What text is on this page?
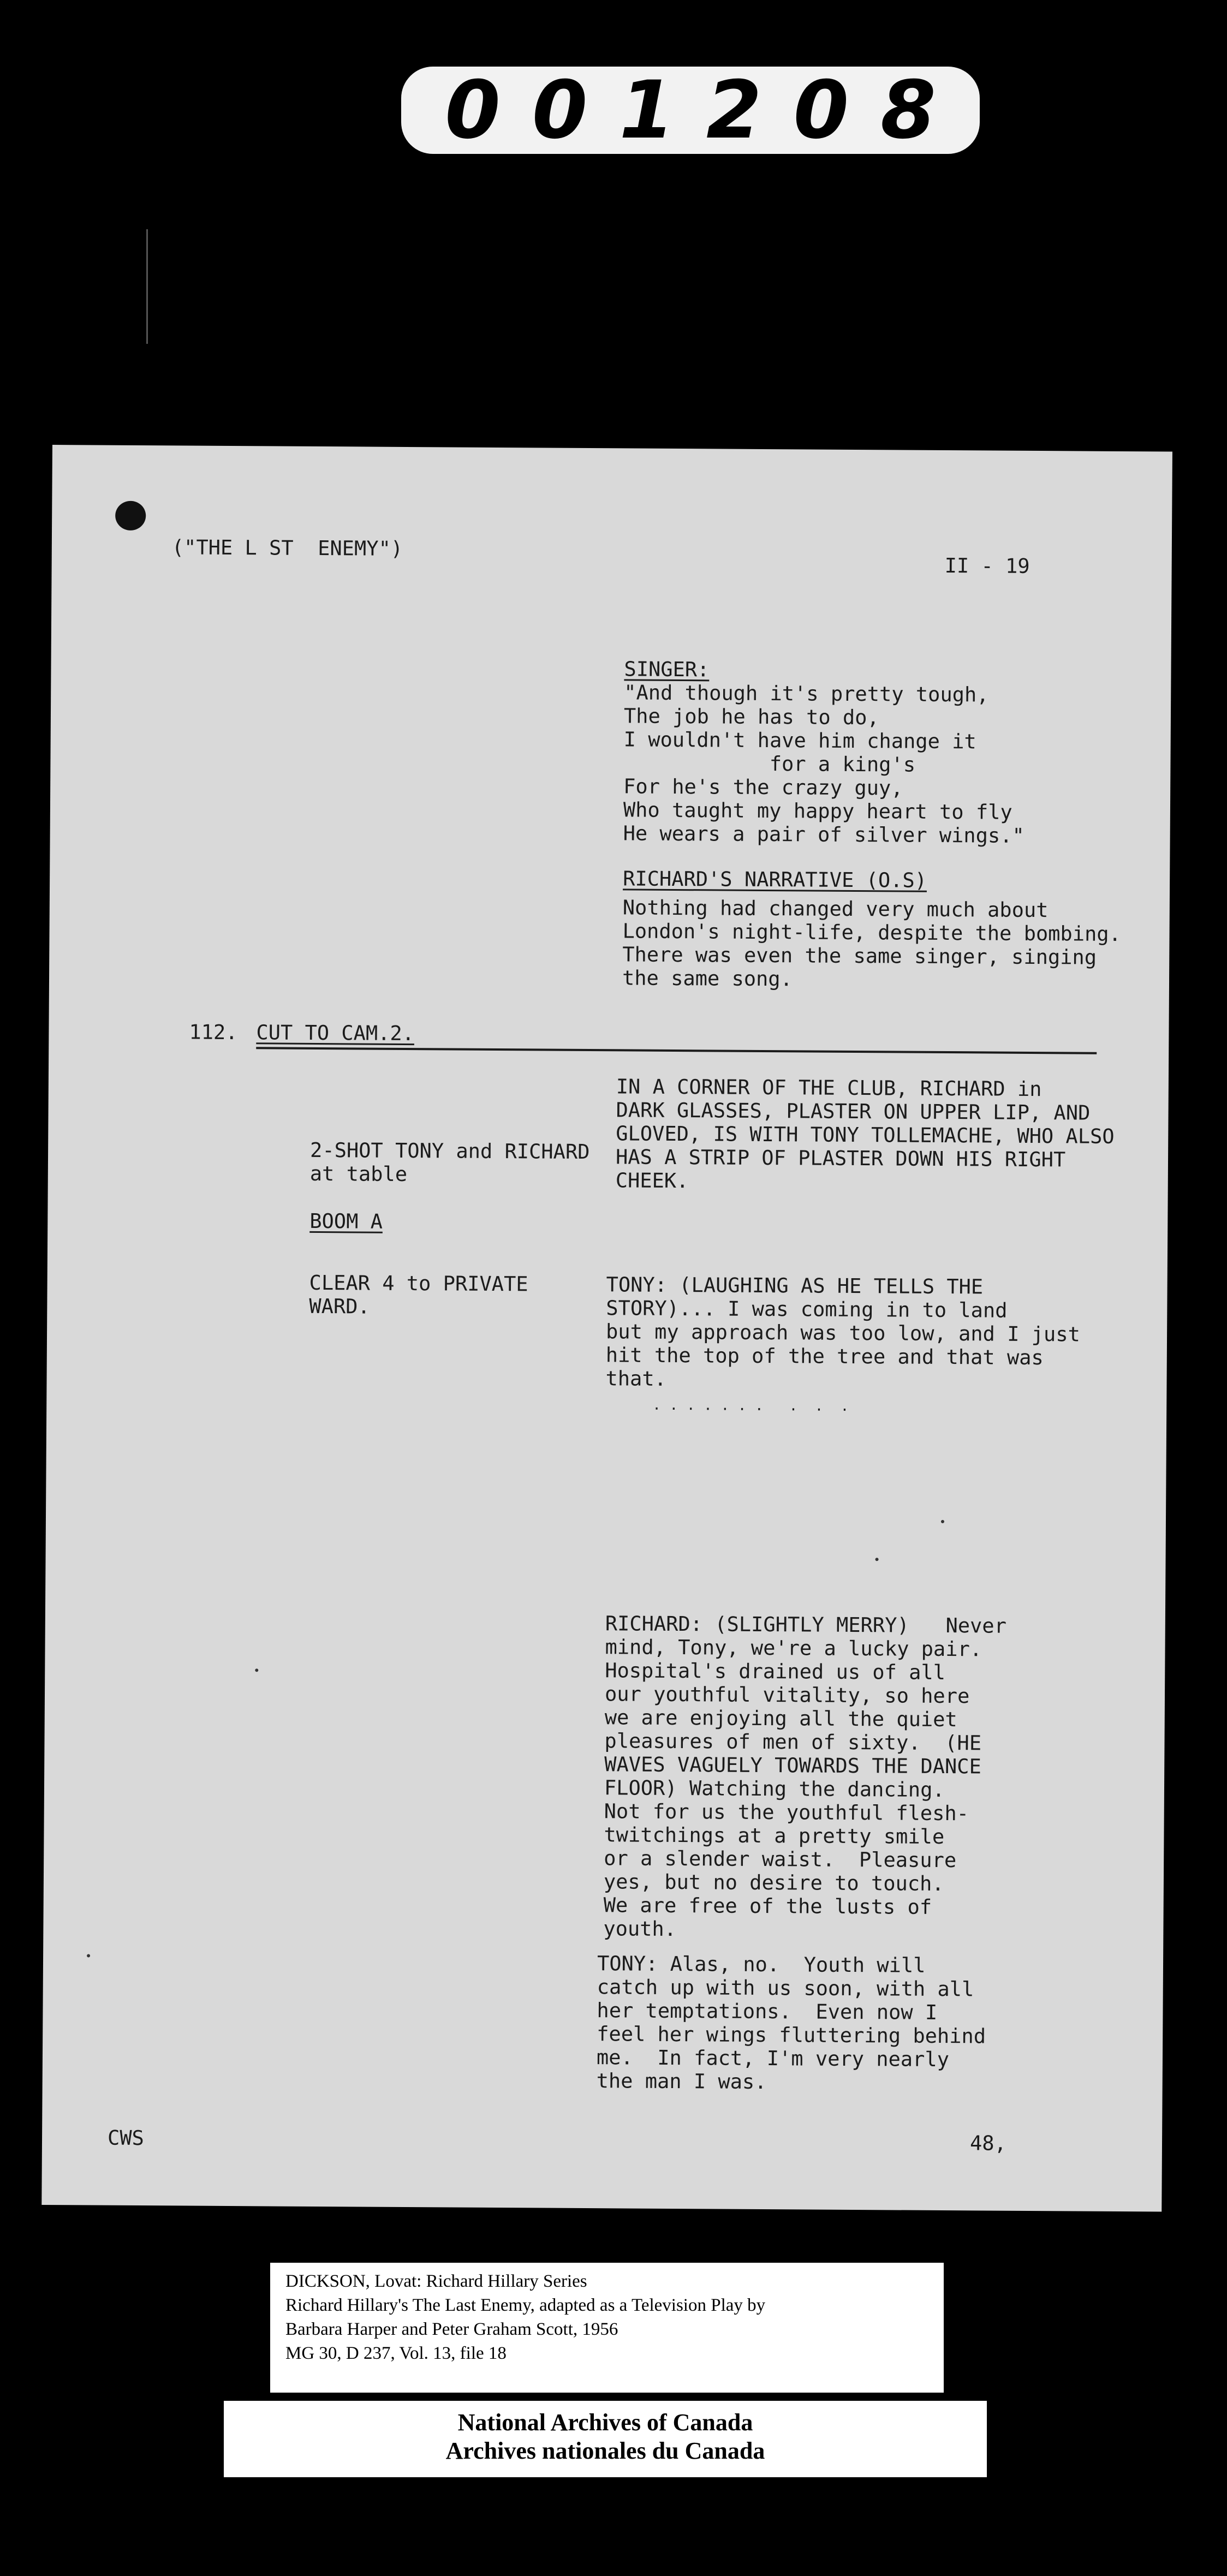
001208

("THE L ST  ENEMY")

II - 19

SINGER:

"And though it's pretty tough,

The job he has to do,

I wouldn't have him change it

for a king's

For he's the crazy guy,

Who taught my happy heart to fly

He wears a pair of silver wings."

RICHARD'S NARRATIVE (O.S)

Nothing had changed very much about

London's night-life, despite the bombing.

There was even the same singer, singing

the same song.

112. CUT TO CAM.2.

IN A CORNER OF THE CLUB, RICHARD in

DARK GLASSES, PLASTER ON UPPER LIP, AND

GLOVED, IS WITH TONY TOLLEMACHE, WHO ALSO

HAS A STRIP OF PLASTER DOWN HIS RIGHT

CHEEK.

2-SHOT TONY and RICHARD

at table

BOOM A

CLEAR 4 to PRIVATE

WARD.

TONY: (LAUGHING AS HE TELLS THE

STORY)... I was coming in to land

but my approach was too low, and I just

hit the top of the tree and that was

that.

. . . . . . .   .  .  .

RICHARD: (SLIGHTLY MERRY)   Never

mind, Tony, we're a lucky pair.

Hospital's drained us of all

our youthful vitality, so here

we are enjoying all the quiet

pleasures of men of sixty.  (HE

WAVES VAGUELY TOWARDS THE DANCE

FLOOR) Watching the dancing.

Not for us the youthful flesh-

twitchings at a pretty smile

or a slender waist.  Pleasure

yes, but no desire to touch.

We are free of the lusts of

youth.

TONY: Alas, no.  Youth will

catch up with us soon, with all

her temptations.  Even now I

feel her wings fluttering behind

me.  In fact, I'm very nearly

the man I was.

CWS	48,

DICKSON, Lovat: Richard Hillary Series
Richard Hillary's The Last Enemy, adapted as a Television Play by
Barbara Harper and Peter Graham Scott, 1956
MG 30, D 237, Vol. 13, file 18
National Archives of Canada
Archives nationales du Canada
